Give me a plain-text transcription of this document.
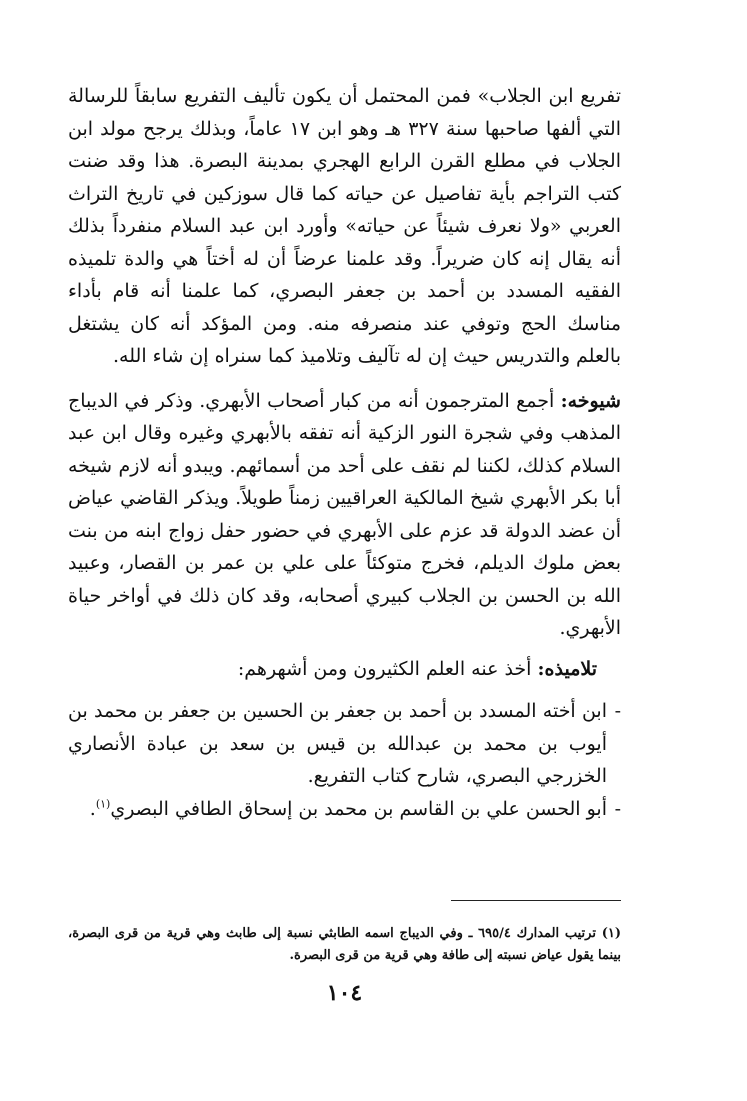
تفريع ابن الجلاب» فمن المحتمل أن يكون تأليف التفريع سابقاً للرسالة التي ألفها صاحبها سنة ٣٢٧ هـ وهو ابن ١٧ عاماً، وبذلك يرجح مولد ابن الجلاب في مطلع القرن الرابع الهجري بمدينة البصرة. هذا وقد ضنت كتب التراجم بأية تفاصيل عن حياته كما قال سوزكين في تاريخ التراث العربي «ولا نعرف شيئاً عن حياته» وأورد ابن عبد السلام منفرداً بذلك أنه يقال إنه كان ضريراً. وقد علمنا عرضاً أن له أختاً هي والدة تلميذه الفقيه المسدد بن أحمد بن جعفر البصري، كما علمنا أنه قام بأداء مناسك الحج وتوفي عند منصرفه منه. ومن المؤكد أنه كان يشتغل بالعلم والتدريس حيث إن له تآليف وتلاميذ كما سنراه إن شاء الله.

شيوخه: أجمع المترجمون أنه من كبار أصحاب الأبهري. وذكر في الديباج المذهب وفي شجرة النور الزكية أنه تفقه بالأبهري وغيره وقال ابن عبد السلام كذلك، لكننا لم نقف على أحد من أسمائهم. ويبدو أنه لازم شيخه أبا بكر الأبهري شيخ المالكية العراقيين زمناً طويلاً. ويذكر القاضي عياض أن عضد الدولة قد عزم على الأبهري في حضور حفل زواج ابنه من بنت بعض ملوك الديلم، فخرج متوكئاً على علي بن عمر بن القصار، وعبيد الله بن الحسن بن الجلاب كبيري أصحابه، وقد كان ذلك في أواخر حياة الأبهري.

تلاميذه: أخذ عنه العلم الكثيرون ومن أشهرهم:

- ابن أخته المسدد بن أحمد بن جعفر بن الحسين بن جعفر بن محمد بن أيوب بن محمد بن عبدالله بن قيس بن سعد بن عبادة الأنصاري الخزرجي البصري، شارح كتاب التفريع.
- أبو الحسن علي بن القاسم بن محمد بن إسحاق الطافي البصري$^{(١)}$.

(١) ترتيب المدارك ٦٩٥/٤ ـ وفي الديباج اسمه الطابثي نسبة إلى طابث وهي قرية من قرى البصرة، بينما يقول عياض نسبته إلى طافة وهي قرية من قرى البصرة.

١٠٤
